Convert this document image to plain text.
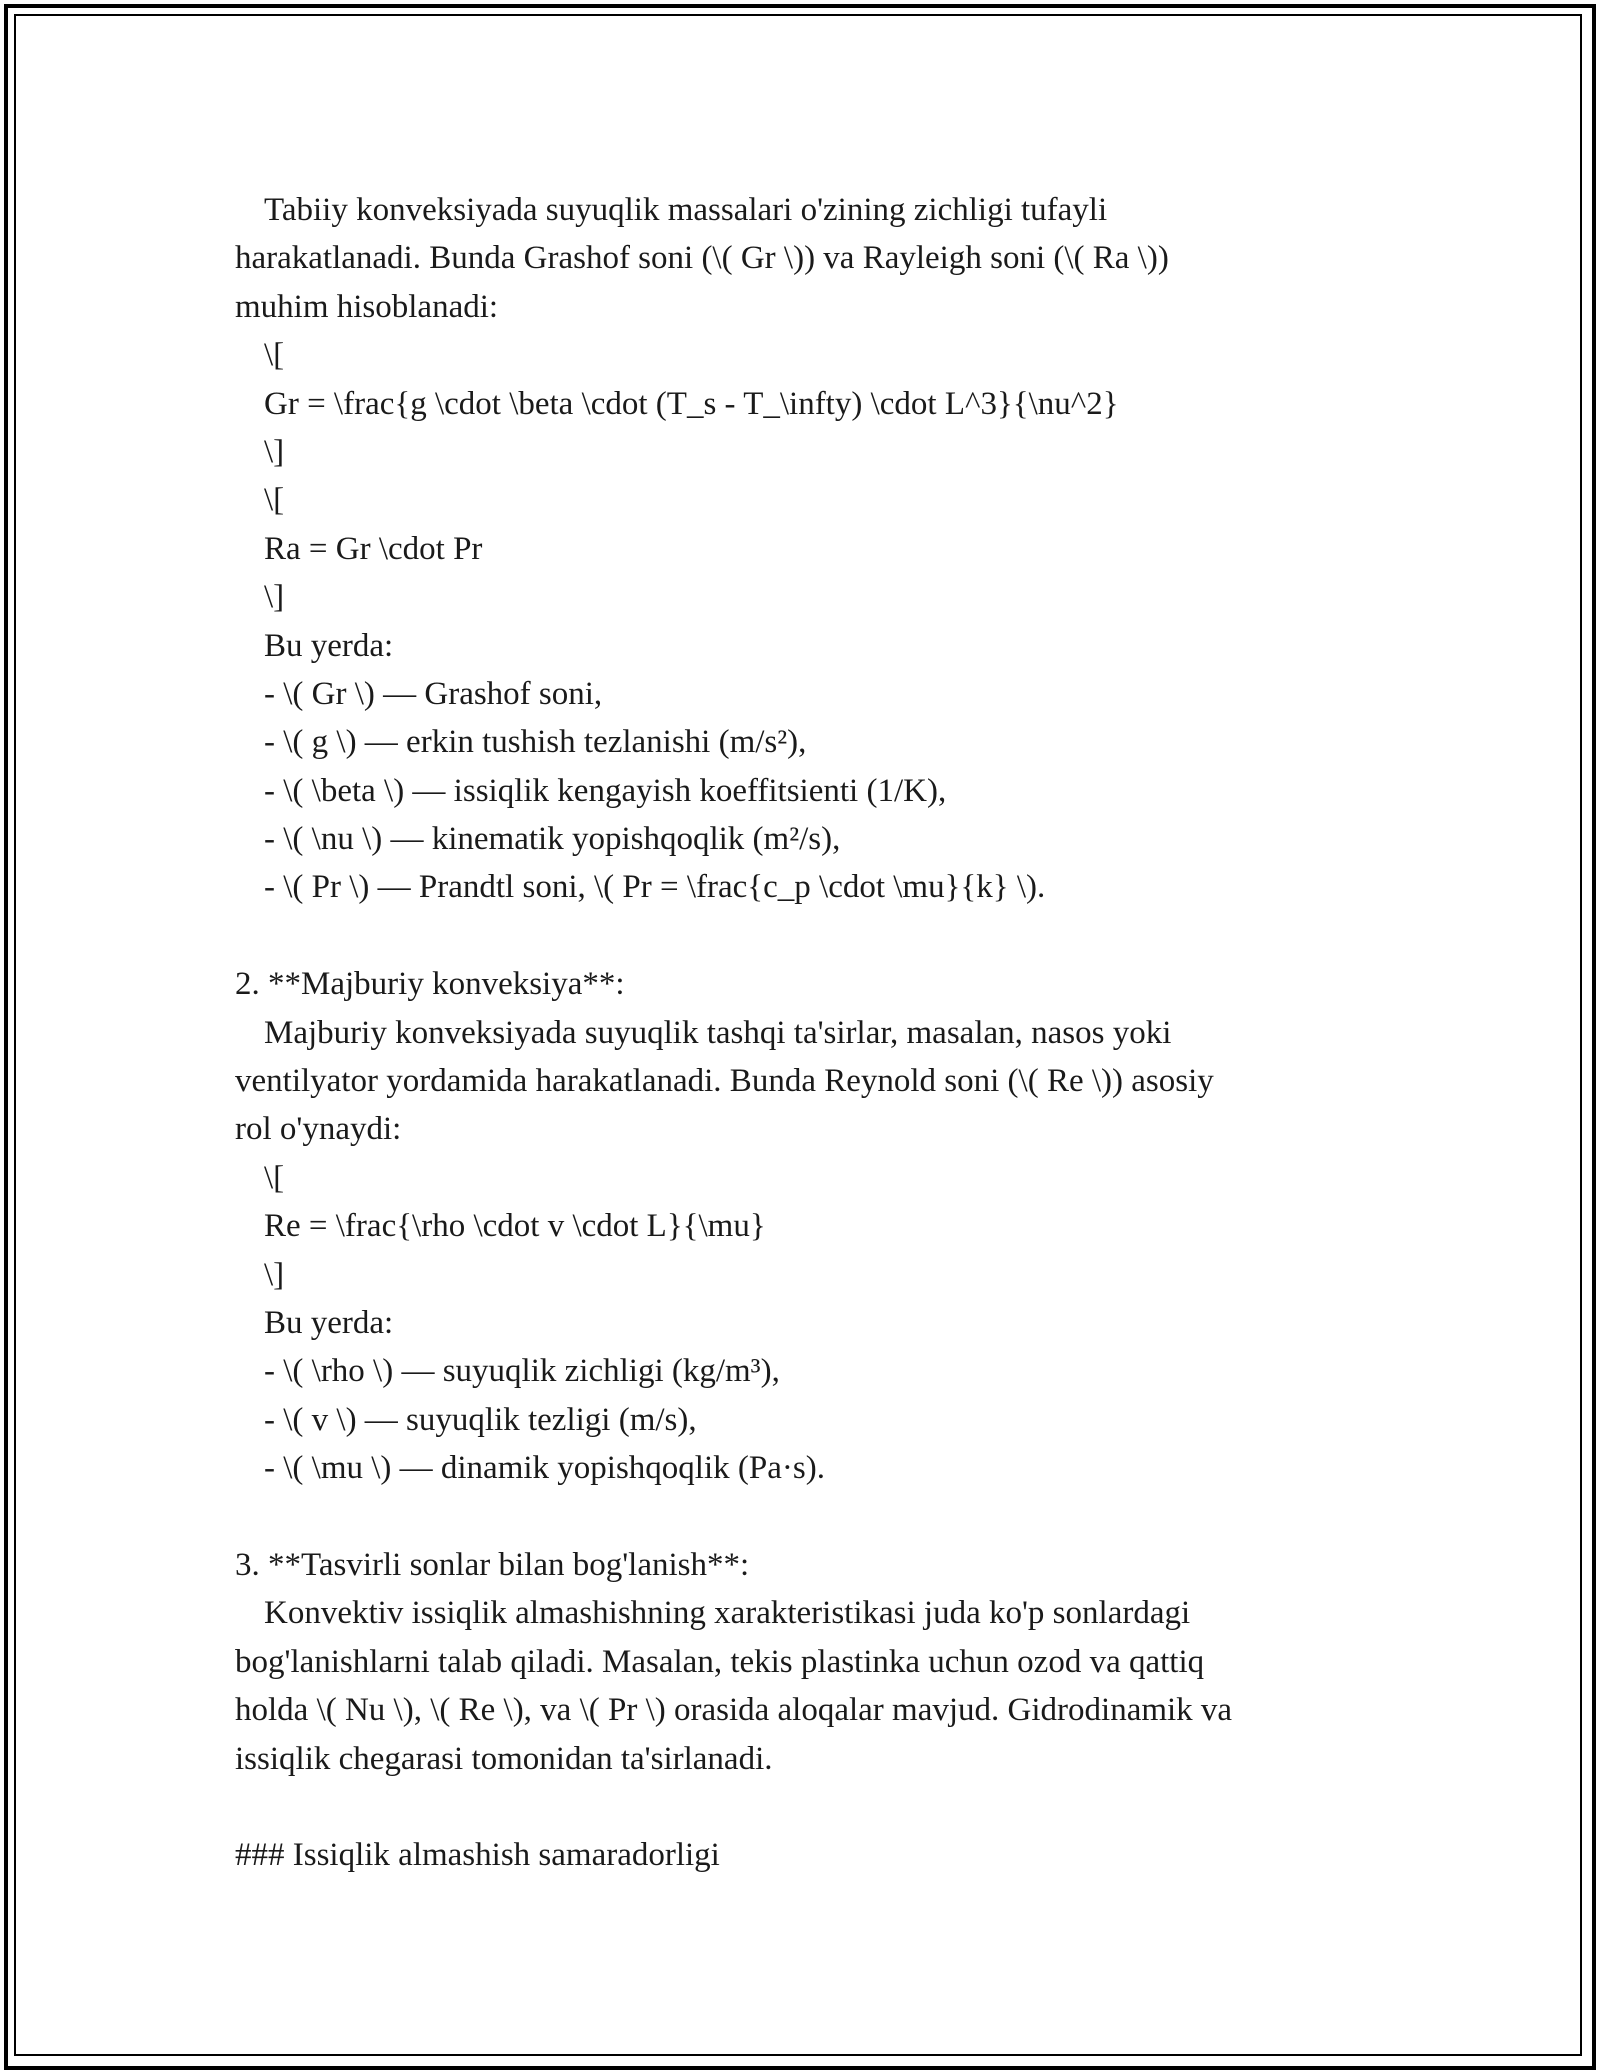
Tabiiy konveksiyada suyuqlik massalari o'zining zichligi tufayli
harakatlanadi. Bunda Grashof soni (\( Gr \)) va Rayleigh soni (\( Ra \))
muhim hisoblanadi:
\[
Gr = \frac{g \cdot \beta \cdot (T_s - T_\infty) \cdot L^3}{\nu^2}
\]
\[
Ra = Gr \cdot Pr
\]
Bu yerda:
- \( Gr \) — Grashof soni,
- \( g \) — erkin tushish tezlanishi (m/s²),
- \( \beta \) — issiqlik kengayish koeffitsienti (1/K),
- \( \nu \) — kinematik yopishqoqlik (m²/s),
- \( Pr \) — Prandtl soni, \( Pr = \frac{c_p \cdot \mu}{k} \).
2. **Majburiy konveksiya**:
Majburiy konveksiyada suyuqlik tashqi ta'sirlar, masalan, nasos yoki
ventilyator yordamida harakatlanadi. Bunda Reynold soni (\( Re \)) asosiy
rol o'ynaydi:
\[
Re = \frac{\rho \cdot v \cdot L}{\mu}
\]
Bu yerda:
- \( \rho \) — suyuqlik zichligi (kg/m³),
- \( v \) — suyuqlik tezligi (m/s),
- \( \mu \) — dinamik yopishqoqlik (Pa·s).
3. **Tasvirli sonlar bilan bog'lanish**:
Konvektiv issiqlik almashishning xarakteristikasi juda ko'p sonlardagi
bog'lanishlarni talab qiladi. Masalan, tekis plastinka uchun ozod va qattiq
holda \( Nu \), \( Re \), va \( Pr \) orasida aloqalar mavjud. Gidrodinamik va
issiqlik chegarasi tomonidan ta'sirlanadi.
### Issiqlik almashish samaradorligi
